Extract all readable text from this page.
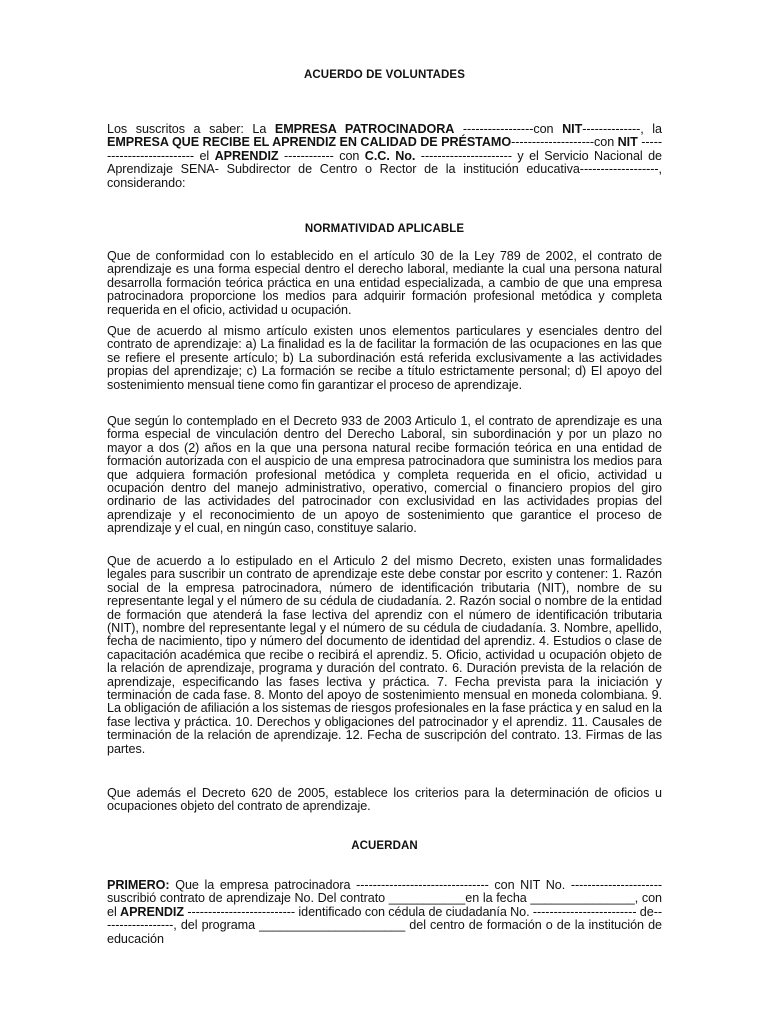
ACUERDO DE VOLUNTADES
Los suscritos a saber: La EMPRESA PATROCINADORA -----------------con NIT--------------, la EMPRESA QUE RECIBE EL APRENDIZ EN CALIDAD DE PRÉSTAMO--------------------con NIT -------------------------- el APRENDIZ ------------ con C.C. No. ---------------------- y el Servicio Nacional de Aprendizaje SENA- Subdirector de Centro o Rector de la institución educativa-------------------, considerando:
NORMATIVIDAD APLICABLE
Que de conformidad con lo establecido en el artículo 30 de la Ley 789 de 2002, el contrato de aprendizaje es una forma especial dentro el derecho laboral, mediante la cual una persona natural desarrolla formación teórica práctica en una entidad especializada, a cambio de que una empresa patrocinadora proporcione los medios para adquirir formación profesional metódica y completa requerida en el oficio, actividad u ocupación.
Que de acuerdo al mismo artículo existen unos elementos particulares y esenciales dentro del contrato de aprendizaje: a) La finalidad es la de facilitar la formación de las ocupaciones en las que se refiere el presente artículo; b) La subordinación está referida exclusivamente a las actividades propias del aprendizaje; c) La formación se recibe a título estrictamente personal; d) El apoyo del sostenimiento mensual tiene como fin garantizar el proceso de aprendizaje.
Que según lo contemplado en el Decreto 933 de 2003 Articulo 1, el contrato de aprendizaje es una forma especial de vinculación dentro del Derecho Laboral, sin subordinación y por un plazo no mayor a dos (2) años en la que una persona natural recibe formación teórica en una entidad de formación autorizada con el auspicio de una empresa patrocinadora que suministra los medios para que adquiera formación profesional metódica y completa requerida en el oficio, actividad u ocupación dentro del manejo administrativo, operativo, comercial o financiero propios del giro ordinario de las actividades del patrocinador con exclusividad en las actividades propias del aprendizaje y el reconocimiento de un apoyo de sostenimiento que garantice el proceso de aprendizaje y el cual, en ningún caso, constituye salario.
Que de acuerdo a lo estipulado en el Articulo 2 del mismo Decreto, existen unas formalidades legales para suscribir un contrato de aprendizaje este debe constar por escrito y contener: 1. Razón social de la empresa patrocinadora, número de identificación tributaria (NIT), nombre de su representante legal y el número de su cédula de ciudadanía. 2. Razón social o nombre de la entidad de formación que atenderá la fase lectiva del aprendiz con el número de identificación tributaria (NIT), nombre del representante legal y el número de su cédula de ciudadanía. 3. Nombre, apellido, fecha de nacimiento, tipo y número del documento de identidad del aprendiz. 4. Estudios o clase de capacitación académica que recibe o recibirá el aprendiz. 5. Oficio, actividad u ocupación objeto de la relación de aprendizaje, programa y duración del contrato. 6. Duración prevista de la relación de aprendizaje, especificando las fases lectiva y práctica. 7. Fecha prevista para la iniciación y terminación de cada fase. 8. Monto del apoyo de sostenimiento mensual en moneda colombiana. 9. La obligación de afiliación a los sistemas de riesgos profesionales en la fase práctica y en salud en la fase lectiva y práctica. 10. Derechos y obligaciones del patrocinador y el aprendiz. 11. Causales de terminación de la relación de aprendizaje. 12. Fecha de suscripción del contrato. 13. Firmas de las partes.
Que además el Decreto 620 de 2005, establece los criterios para la determinación de oficios u ocupaciones objeto del contrato de aprendizaje.
ACUERDAN
PRIMERO: Que la empresa patrocinadora -------------------------------- con NIT No. ---------------------- suscribió contrato de aprendizaje No. Del contrato ___________en la fecha _______________, con el APRENDIZ -------------------------- identificado con cédula de ciudadanía No. ------------------------- de------------------, del programa _____________________ del centro de formación o de la institución de educación
